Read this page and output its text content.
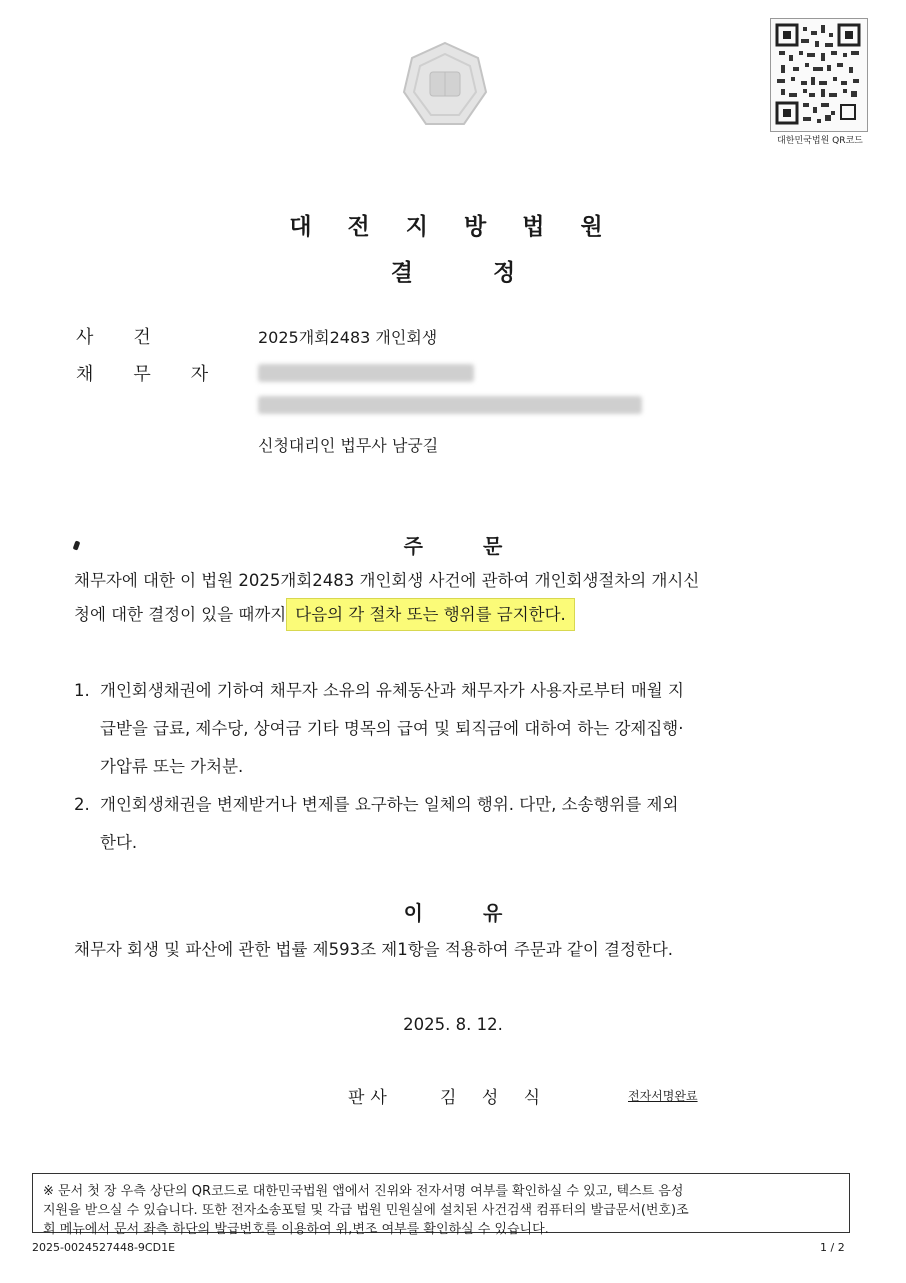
대한민국법원 QR코드
대 전 지 방 법 원
결정
사건	2025개회2483 개인회생
채무자
신청대리인 법무사 남궁길
주문
채무자에 대한 이 법원 2025개회2483 개인회생 사건에 관하여 개인회생절차의 개시신
청에 대한 결정이 있을 때까지 다음의 각 절차 또는 행위를 금지한다.
1. 개인회생채권에 기하여 채무자 소유의 유체동산과 채무자가 사용자로부터 매월 지
급받을 급료, 제수당, 상여금 기타 명목의 급여 및 퇴직금에 대하여 하는 강제집행·
가압류 또는 가처분.
2. 개인회생채권을 변제받거나 변제를 요구하는 일체의 행위. 다만, 소송행위를 제외
한다.
이유
채무자 회생 및 파산에 관한 법률 제593조 제1항을 적용하여 주문과 같이 결정한다.
2025. 8. 12.
판사	김 성 식	전자서명완료
※ 문서 첫 장 우측 상단의 QR코드로 대한민국법원 앱에서 진위와 전자서명 여부를 확인하실 수 있고, 텍스트 음성
지원을 받으실 수 있습니다. 또한 전자소송포털 및 각급 법원 민원실에 설치된 사건검색 컴퓨터의 발급문서(번호)조
회 메뉴에서 문서 좌측 하단의 발급번호를 이용하여 위,변조 여부를 확인하실 수 있습니다.
2025-0024527448-9CD1E	1 / 2
